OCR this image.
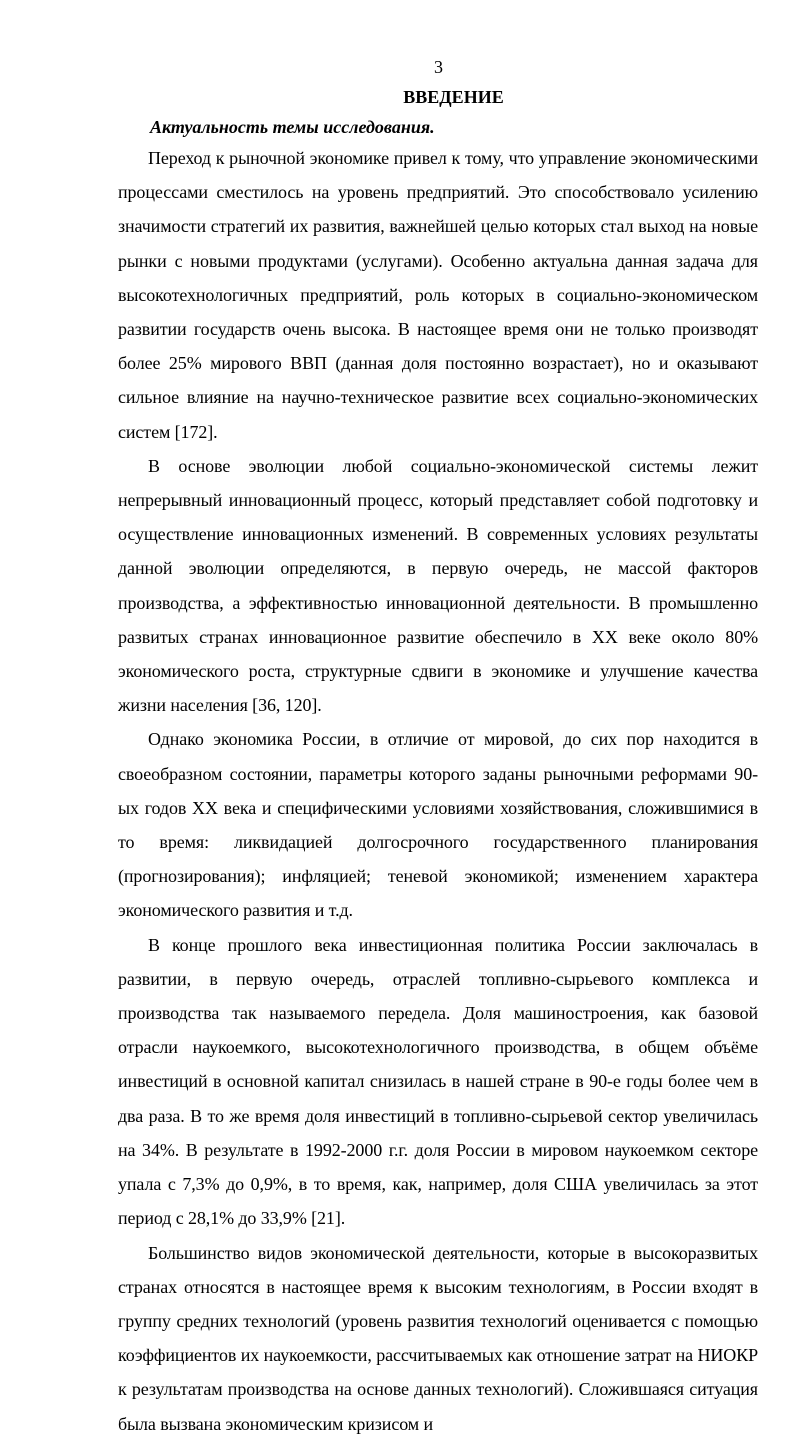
3
ВВЕДЕНИЕ
Актуальность темы исследования.

Переход к рыночной экономике привел к тому, что управление экономическими процессами сместилось на уровень предприятий. Это способствовало усилению значимости стратегий их развития, важнейшей целью которых стал выход на новые рынки с новыми продуктами (услугами). Особенно актуальна данная задача для высокотехнологичных предприятий, роль которых в социально-экономическом развитии государств очень высока. В настоящее время они не только производят более 25% мирового ВВП (данная доля постоянно возрастает), но и оказывают сильное влияние на научно-техническое развитие всех социально-экономических систем [172].

В основе эволюции любой социально-экономической системы лежит непрерывный инновационный процесс, который представляет собой подготовку и осуществление инновационных изменений. В современных условиях результаты данной эволюции определяются, в первую очередь, не массой факторов производства, а эффективностью инновационной деятельности. В промышленно развитых странах инновационное развитие обеспечило в XX веке около 80% экономического роста, структурные сдвиги в экономике и улучшение качества жизни населения [36, 120].

Однако экономика России, в отличие от мировой, до сих пор находится в своеобразном состоянии, параметры которого заданы рыночными реформами 90-ых годов XX века и специфическими условиями хозяйствования, сложившимися в то время: ликвидацией долгосрочного государственного планирования (прогнозирования); инфляцией; теневой экономикой; изменением характера экономического развития и т.д.

В конце прошлого века инвестиционная политика России заключалась в развитии, в первую очередь, отраслей топливно-сырьевого комплекса и производства так называемого передела. Доля машиностроения, как базовой отрасли наукоемкого, высокотехнологичного производства, в общем объёме инвестиций в основной капитал снизилась в нашей стране в 90-е годы более чем в два раза. В то же время доля инвестиций в топливно-сырьевой сектор увеличилась на 34%. В результате в 1992-2000 г.г. доля России в мировом наукоемком секторе упала с 7,3% до 0,9%, в то время, как, например, доля США увеличилась за этот период с 28,1% до 33,9% [21].

Большинство видов экономической деятельности, которые в высокоразвитых странах относятся в настоящее время к высоким технологиям, в России входят в группу средних технологий (уровень развития технологий оценивается с помощью коэффициентов их наукоемкости, рассчитываемых как отношение затрат на НИОКР к результатам производства на основе данных технологий). Сложившаяся ситуация была вызвана экономическим кризисом и
